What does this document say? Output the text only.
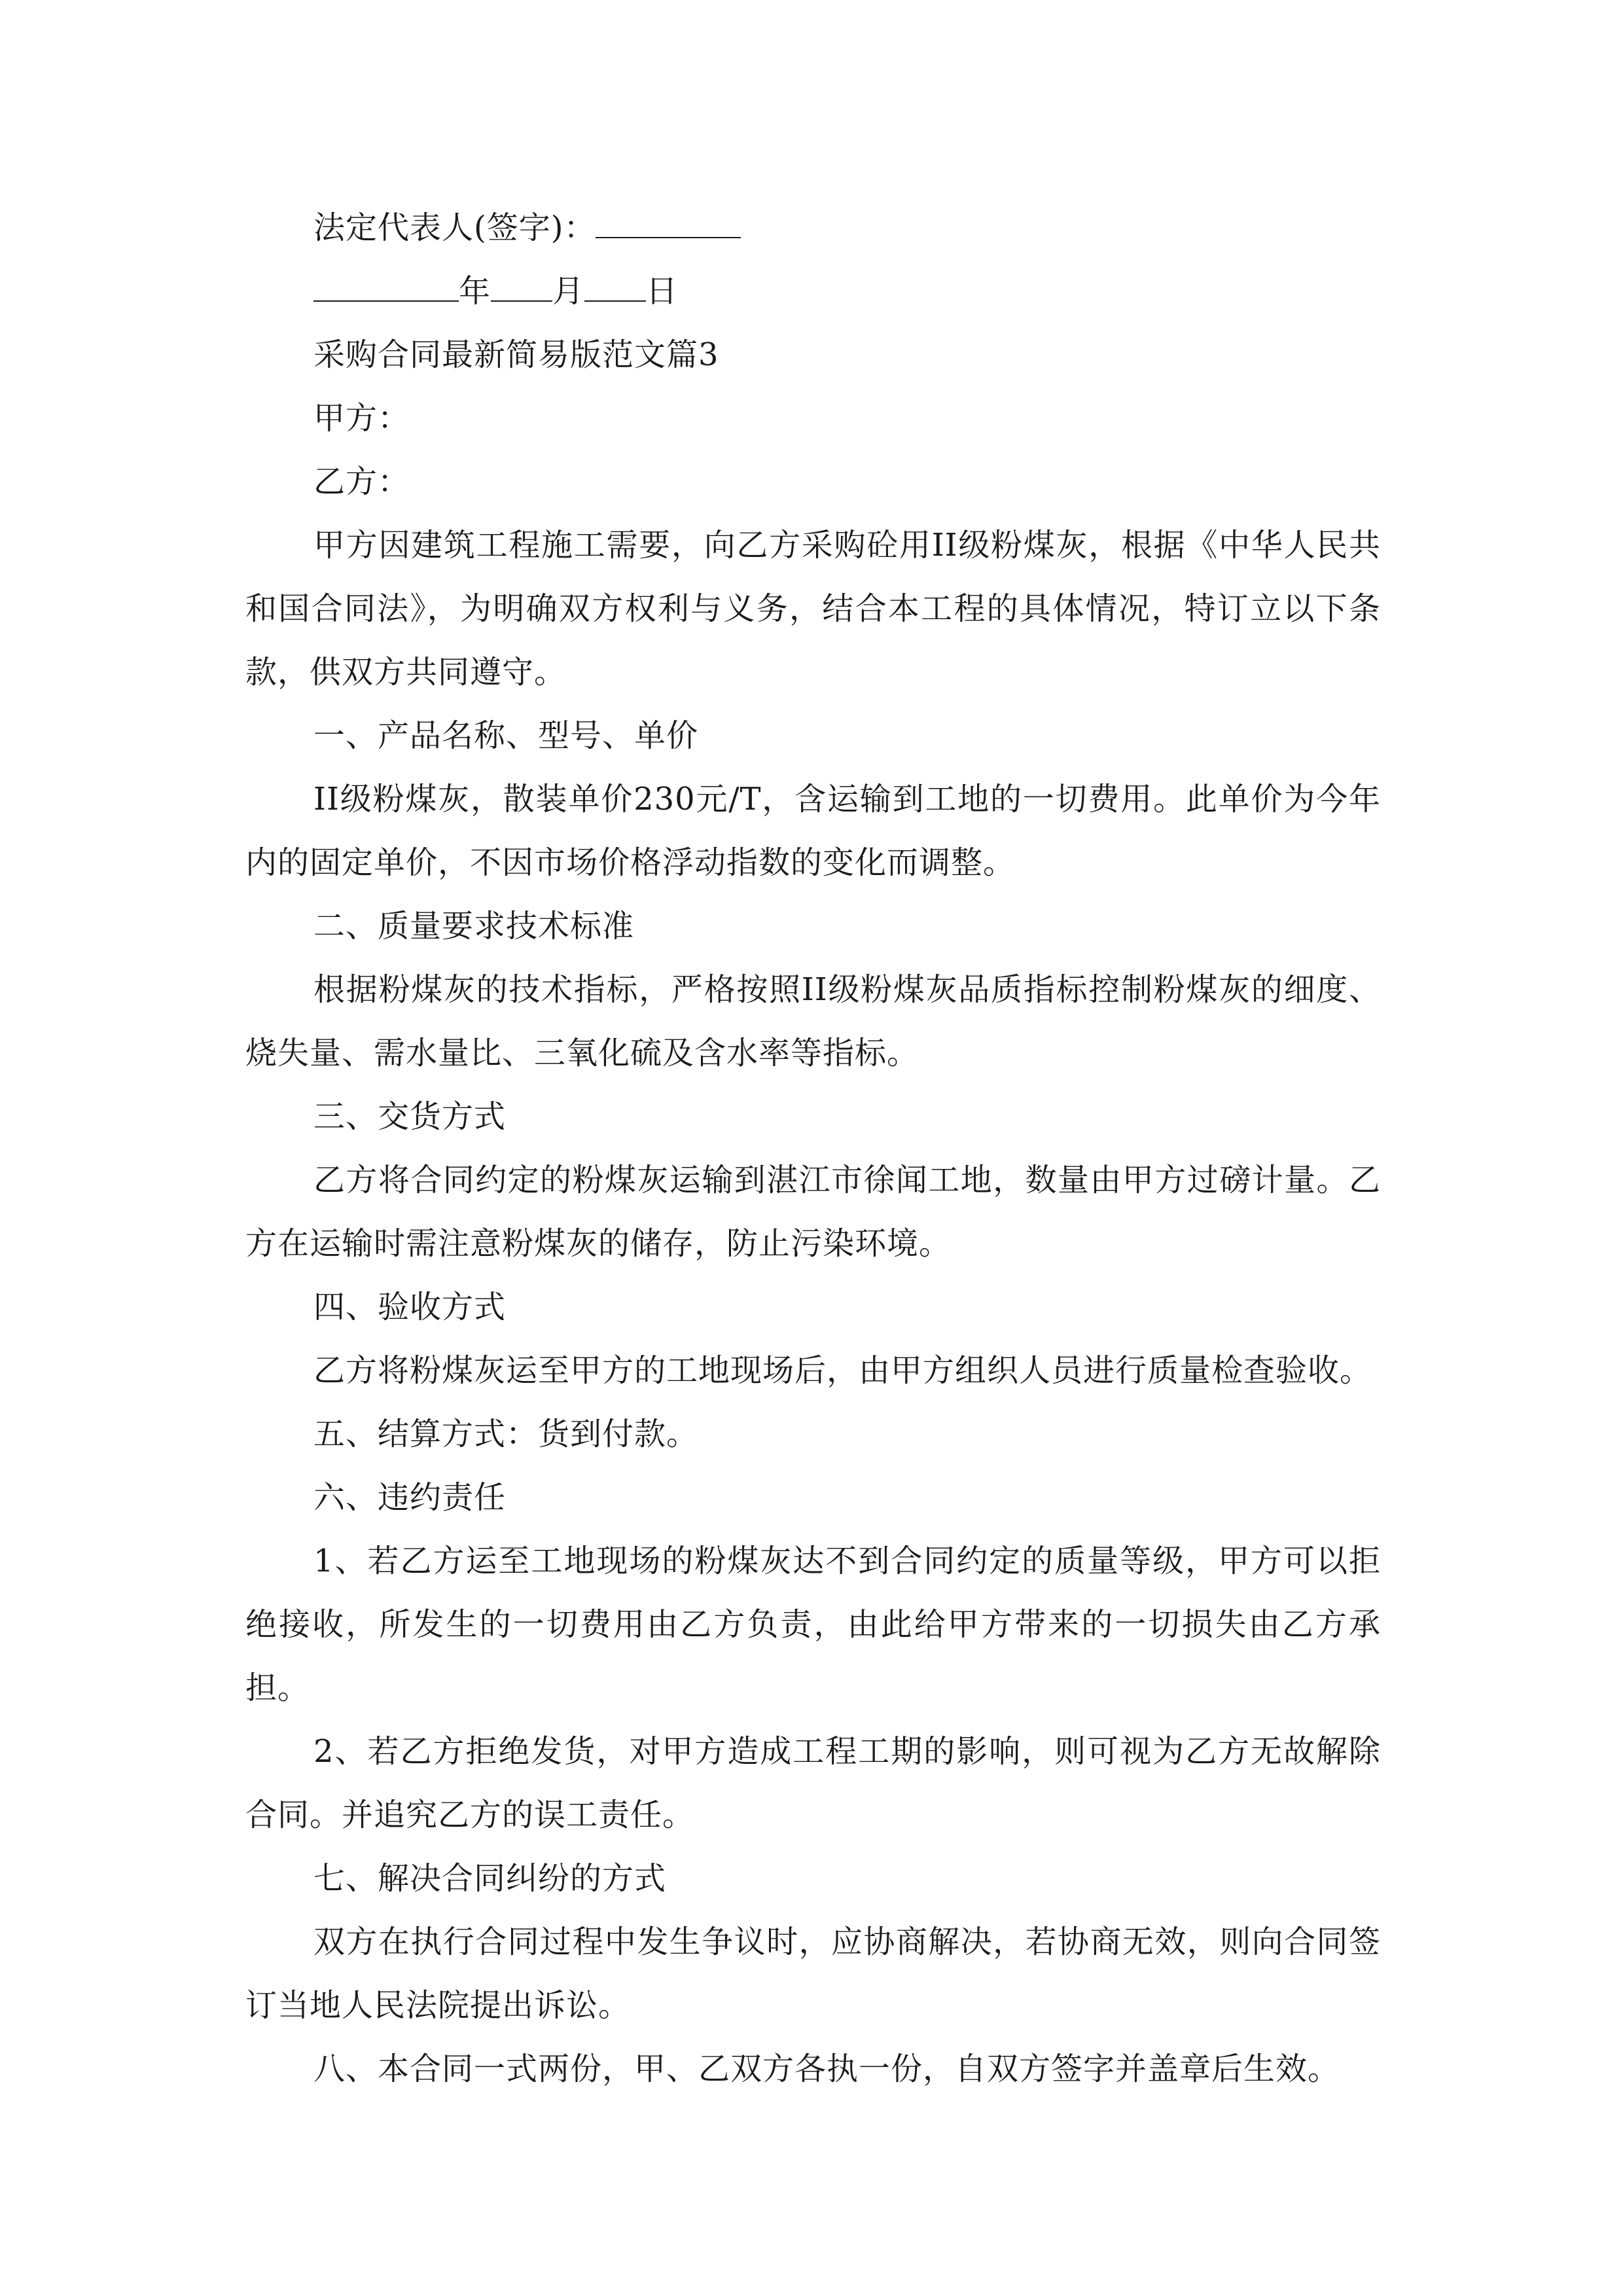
法定代表人(签字)：
年 月 日
采购合同最新简易版范文篇3
甲方：
乙方：
甲方因建筑工程施工需要，向乙方采购砼用II级粉煤灰，根据《中华人民共和国合同法》，为明确双方权利与义务，结合本工程的具体情况，特订立以下条款，供双方共同遵守。
一、产品名称、型号、单价
II级粉煤灰，散装单价230元/T，含运输到工地的一切费用。此单价为今年内的固定单价，不因市场价格浮动指数的变化而调整。
二、质量要求技术标准
根据粉煤灰的技术指标，严格按照II级粉煤灰品质指标控制粉煤灰的细度、烧失量、需水量比、三氧化硫及含水率等指标。
三、交货方式
乙方将合同约定的粉煤灰运输到湛江市徐闻工地，数量由甲方过磅计量。乙方在运输时需注意粉煤灰的储存，防止污染环境。
四、验收方式
乙方将粉煤灰运至甲方的工地现场后，由甲方组织人员进行质量检查验收。
五、结算方式：货到付款。
六、违约责任
1、若乙方运至工地现场的粉煤灰达不到合同约定的质量等级，甲方可以拒绝接收，所发生的一切费用由乙方负责，由此给甲方带来的一切损失由乙方承担。
2、若乙方拒绝发货，对甲方造成工程工期的影响，则可视为乙方无故解除合同。并追究乙方的误工责任。
七、解决合同纠纷的方式
双方在执行合同过程中发生争议时，应协商解决，若协商无效，则向合同签订当地人民法院提出诉讼。
八、本合同一式两份，甲、乙双方各执一份，自双方签字并盖章后生效。
